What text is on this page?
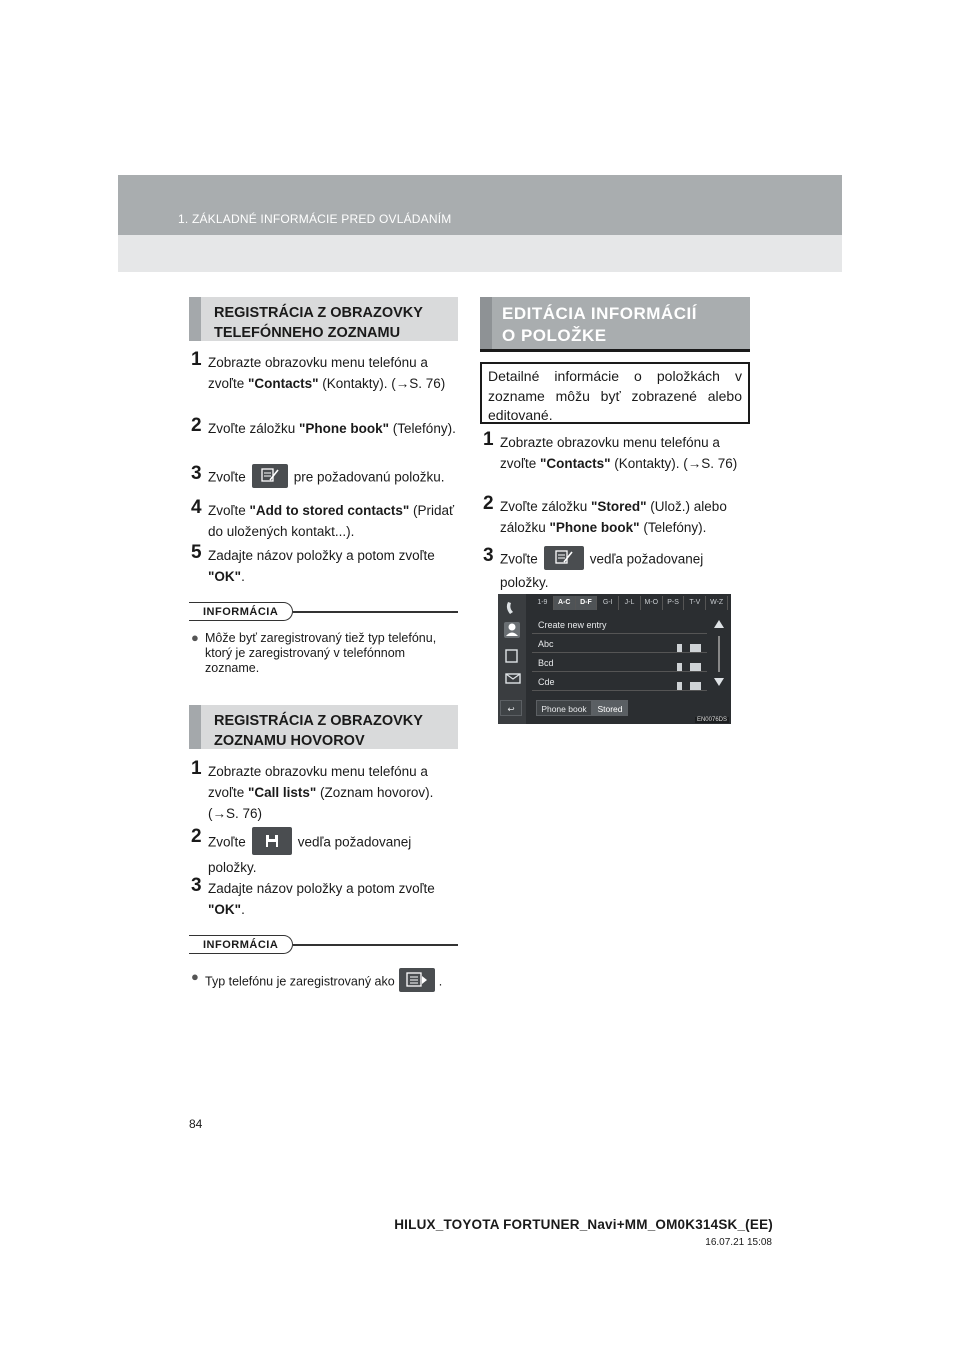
1. ZÁKLADNÉ INFORMÁCIE PRED OVLÁDANÍM
REGISTRÁCIA Z OBRAZOVKY
TELEFÓNNEHO ZOZNAMU
1 Zobrazte obrazovku menu telefónu a zvoľte "Contacts" (Kontakty). (→S. 76)
2 Zvoľte záložku "Phone book" (Telefóny).
3 Zvoľte	pre požadovanú položku.
4 Zvoľte "Add to stored contacts" (Pridať do uložených kontakt...).
5 Zadajte názov položky a potom zvoľte "OK".
INFORMÁCIA
● Môže byť zaregistrovaný tiež typ telefónu, ktorý je zaregistrovaný v telefónnom zozname.
REGISTRÁCIA Z OBRAZOVKY
ZOZNAMU HOVOROV
1 Zobrazte obrazovku menu telefónu a zvoľte "Call lists" (Zoznam hovorov). (→S. 76)
2 Zvoľte	vedľa požadovanej položky.
3 Zadajte názov položky a potom zvoľte "OK".
INFORMÁCIA
● Typ telefónu je zaregistrovaný ako	.
EDITÁCIA INFORMÁCIÍ
O POLOŽKE
Detailné informácie o položkách v zozname môžu byť zobrazené alebo editované.
1 Zobrazte obrazovku menu telefónu a zvoľte "Contacts" (Kontakty). (→S. 76)
2 Zvoľte záložku "Stored" (Ulož.) alebo záložku "Phone book" (Telefóny).
3 Zvoľte	vedľa požadovanej položky.
1-9	A-C	D-F	G-I	J-L	M-O	P-S	T-V	W-Z
Create new entry
Abc
Bcd
Cde
↩	Phone book	Stored
EN0076DS
84
HILUX_TOYOTA FORTUNER_Navi+MM_OM0K314SK_(EE)
16.07.21 15:08
